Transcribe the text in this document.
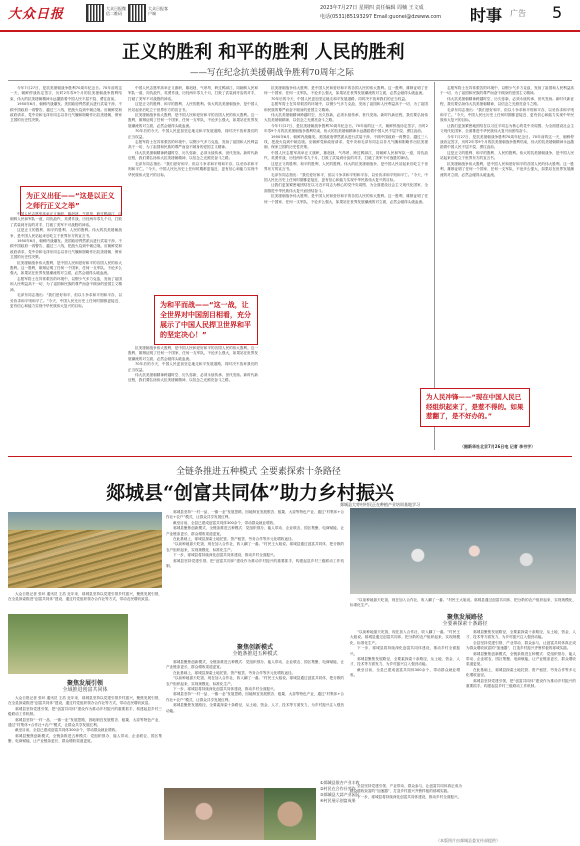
大众日报	大众日报微信二维码
大众日报客户端
2023年7月27日 星期四 责任编辑 周楠 王文成
电话(0531)85193297 Email:guonei@dzwww.com 时事 广告 5
正义的胜利 和平的胜利 人民的胜利
——写在纪念抗美援朝战争胜利70周年之际

今年7月27日，是抗美援朝战争胜利70周年纪念日。70年前的这一天，朝鲜停战协定签字，历时2年零9个月的抗美援朝战争胜利结束，伟大的抗美援朝精神永远激励着中国人民不屈不挠、勇往直前。

1950年6月，朝鲜内战爆发。美国政府悍然派兵进行武装干涉，不顾中国政府一再警告，越过三八线，把战火烧到中朝边境。应朝鲜党和政府请求，党中央和毛泽东同志以非凡气魄和胆略作出抗美援朝、保家卫国的历史性决策。

为正义出征——“这是以正义之师行正义之举”

中国人民志愿军高举正义旗帜，雄赳赳、气昂昂，跨过鸭绿江，同朝鲜人民和军队一道，同仇敌忾、英勇作战，历经两年零九个月，打败了武装到牙齿的对手，打破了美军不可战胜的神话。

这是正义的胜利、和平的胜利、人民的胜利。伟大的抗美援朝战争，是中国人民站起来后屹立于世界东方的宣言书。

1950年6月，朝鲜内战爆发。美国政府悍然派兵进行武装干涉，不顾中国政府一再警告，越过三八线，把战火烧到中朝边境。应朝鲜党和政府请求，党中央和毛泽东同志以非凡气魄和胆略作出抗美援朝、保家卫国的历史性决策。

抗美援朝战争伟大胜利，是中国人民和爱好和平的各国人民的伟大胜利。这一胜利，雄辩证明了任何一个国家、任何一支军队，不论多么强大，如果站在世界发展潮流的对立面，必然会碰得头破血流。

志愿军将士在异常艰苦的环境中，以钢少气多力克敌，发扬了祖国和人民利益高于一切、为了祖国和民族的尊严而奋不顾身的爱国主义精神。

毛泽东同志指出：“我们爱好和平，但以斗争求和平则和平存，以妥协求和平则和平亡。”今天，中国人民比历史上任何时期都更接近、更有信心和能力实现中华民族伟大复兴的目标。

中国人民志愿军高举正义旗帜，雄赳赳、气昂昂，跨过鸭绿江，同朝鲜人民和军队一道，同仇敌忾、英勇作战，历经两年零九个月，打败了武装到牙齿的对手，打破了美军不可战胜的神话。

这是正义的胜利、和平的胜利、人民的胜利。伟大的抗美援朝战争，是中国人民站起来后屹立于世界东方的宣言书。

抗美援朝战争伟大胜利，是中国人民和爱好和平的各国人民的伟大胜利。这一胜利，雄辩证明了任何一个国家、任何一支军队，不论多么强大，如果站在世界发展潮流的对立面，必然会碰得头破血流。

70年后的今天，中国人民更加坚定地走和平发展道路，同时决不放弃我们的正当权益。

志愿军将士在异常艰苦的环境中，以钢少气多力克敌，发扬了祖国和人民利益高于一切、为了祖国和民族的尊严而奋不顾身的爱国主义精神。

伟大抗美援朝精神跨越时空、历久弥新，必须永续传承、世代发扬。新时代新征程，我们要弘扬伟大抗美援朝精神，以信念之光照亮奋斗之路。

毛泽东同志指出：“我们爱好和平，但以斗争求和平则和平存，以妥协求和平则和平亡。”今天，中国人民比历史上任何时期都更接近、更有信心和能力实现中华民族伟大复兴的目标。

为和平而战——“这一战，让全世界对中国刮目相看，充分展示了中国人民捍卫世界和平的坚定决心！”

抗美援朝战争伟大胜利，是中国人民和爱好和平的各国人民的伟大胜利。这一胜利，雄辩证明了任何一个国家、任何一支军队，不论多么强大，如果站在世界发展潮流的对立面，必然会碰得头破血流。

70年后的今天，中国人民更加坚定地走和平发展道路，同时决不放弃我们的正当权益。

伟大抗美援朝精神跨越时空、历久弥新，必须永续传承、世代发扬。新时代新征程，我们要弘扬伟大抗美援朝精神，以信念之光照亮奋斗之路。

抗美援朝战争伟大胜利，是中国人民和爱好和平的各国人民的伟大胜利。这一胜利，雄辩证明了任何一个国家、任何一支军队，不论多么强大，如果站在世界发展潮流的对立面，必然会碰得头破血流。

70年后的今天，中国人民更加坚定地走和平发展道路，同时决不放弃我们的正当权益。

志愿军将士在异常艰苦的环境中，以钢少气多力克敌，发扬了祖国和人民利益高于一切、为了祖国和民族的尊严而奋不顾身的爱国主义精神。

伟大抗美援朝精神跨越时空、历久弥新，必须永续传承、世代发扬。新时代新征程，我们要弘扬伟大抗美援朝精神，以信念之光照亮奋斗之路。

今年7月27日，是抗美援朝战争胜利70周年纪念日。70年前的这一天，朝鲜停战协定签字，历时2年零9个月的抗美援朝战争胜利结束，伟大的抗美援朝精神永远激励着中国人民不屈不挠、勇往直前。

1950年6月，朝鲜内战爆发。美国政府悍然派兵进行武装干涉，不顾中国政府一再警告，越过三八线，把战火烧到中朝边境。应朝鲜党和政府请求，党中央和毛泽东同志以非凡气魄和胆略作出抗美援朝、保家卫国的历史性决策。

中国人民志愿军高举正义旗帜，雄赳赳、气昂昂，跨过鸭绿江，同朝鲜人民和军队一道，同仇敌忾、英勇作战，历经两年零九个月，打败了武装到牙齿的对手，打破了美军不可战胜的神话。

这是正义的胜利、和平的胜利、人民的胜利。伟大的抗美援朝战争，是中国人民站起来后屹立于世界东方的宣言书。

毛泽东同志指出：“我们爱好和平，但以斗争求和平则和平存，以妥协求和平则和平亡。”今天，中国人民比历史上任何时期都更接近、更有信心和能力实现中华民族伟大复兴的目标。

让我们更加紧密地团结在以习近平同志为核心的党中央周围，为全面建设社会主义现代化国家、全面推进中华民族伟大复兴而团结奋斗。

抗美援朝战争伟大胜利，是中国人民和爱好和平的各国人民的伟大胜利。这一胜利，雄辩证明了任何一个国家、任何一支军队，不论多么强大，如果站在世界发展潮流的对立面，必然会碰得头破血流。

志愿军将士在异常艰苦的环境中，以钢少气多力克敌，发扬了祖国和人民利益高于一切、为了祖国和民族的尊严而奋不顾身的爱国主义精神。

伟大抗美援朝精神跨越时空、历久弥新，必须永续传承、世代发扬。新时代新征程，我们要弘扬伟大抗美援朝精神，以信念之光照亮奋斗之路。

毛泽东同志指出：“我们爱好和平，但以斗争求和平则和平存，以妥协求和平则和平亡。”今天，中国人民比历史上任何时期都更接近、更有信心和能力实现中华民族伟大复兴的目标。

让我们更加紧密地团结在以习近平同志为核心的党中央周围，为全面建设社会主义现代化国家、全面推进中华民族伟大复兴而团结奋斗。

今年7月27日，是抗美援朝战争胜利70周年纪念日。70年前的这一天，朝鲜停战协定签字，历时2年零9个月的抗美援朝战争胜利结束，伟大的抗美援朝精神永远激励着中国人民不屈不挠、勇往直前。

这是正义的胜利、和平的胜利、人民的胜利。伟大的抗美援朝战争，是中国人民站起来后屹立于世界东方的宣言书。

抗美援朝战争伟大胜利，是中国人民和爱好和平的各国人民的伟大胜利。这一胜利，雄辩证明了任何一个国家、任何一支军队，不论多么强大，如果站在世界发展潮流的对立面，必然会碰得头破血流。

为人民冲锋——“现在中国人民已经组织起来了，是惹不得的。如果惹翻了，是不好办的。”
（据新华社北京7月26日电 记者 李书字）
全链条推进五种模式 全要素探索十条路径
郯城县“创富共同体”助力乡村振兴
郯城县大枣村村民正在种植产业培训基地学习

大众日报记者 张环 通讯员 王浩 近年来，郯城县坚持以党建引领乡村振兴，聚焦发展引领，在全县探索推进“创富共同体”建设，通过村党组织领办合作社等方式，带动农民增收致富。

聚焦发展引领
全域推进创富共同体

大众日报记者 张环 通讯员 王浩 近年来，郯城县坚持以党建引领乡村振兴，聚焦发展引领，在全县探索推进“创富共同体”建设，通过村党组织领办合作社等方式，带动农民增收致富。

郯城县坚持党建引领，把“创富共同体”建设作为推动乡村振兴的重要抓手，构建起县乡村三级联动工作机制。

郯城县坚持“一村一品、一镇一业”发展思路，因地制宜发展银杏、板栗、大蒜等特色产业，通过“村集体+合作社+农户”模式，让群众共享发展红利。

截至目前，全县已建成创富共同体300余个，带动群众就业增收。

郯城县聚焦创新模式，全链条推进五种模式：党组织领办、能人带动、企业联农、园区集聚、电商赋能，让产业链条更长、群众增收渠道更宽。

郯城县坚持“一村一品、一镇一业”发展思路，因地制宜发展银杏、板栗、大蒜等特色产业，通过“村集体+合作社+农户”模式，让群众共享发展红利。

截至目前，全县已建成创富共同体300余个，带动群众就业增收。

郯城县聚焦创新模式，全链条推进五种模式：党组织领办、能人带动、企业联农、园区集聚、电商赋能，让产业链条更长、群众增收渠道更宽。

在此基础上，郯城县探索土地托管、资产租赁、劳务合作等多元化增收途径。

“以前种地靠天吃饭，现在加入合作社，收入翻了一番。”村民王大姐说。郯城县通过创富共同体，把分散的农户组织起来，实现规模化、标准化生产。

下一步，郯城县将持续深化创富共同体建设，推动乡村全面振兴。

郯城县坚持党建引领，把“创富共同体”建设作为推动乡村振兴的重要抓手，构建起县乡村三级联动工作机制。

聚焦创新模式
全链条推进五种模式

郯城县聚焦创新模式，全链条推进五种模式：党组织领办、能人带动、企业联农、园区集聚、电商赋能，让产业链条更长、群众增收渠道更宽。

在此基础上，郯城县探索土地托管、资产租赁、劳务合作等多元化增收途径。

“以前种地靠天吃饭，现在加入合作社，收入翻了一番。”村民王大姐说。郯城县通过创富共同体，把分散的农户组织起来，实现规模化、标准化生产。

下一步，郯城县将持续深化创富共同体建设，推动乡村全面振兴。

郯城县坚持“一村一品、一镇一业”发展思路，因地制宜发展银杏、板栗、大蒜等特色产业，通过“村集体+合作社+农户”模式，让群众共享发展红利。

郯城县聚焦发展路径，全要素探索十条路径，从土地、资金、人才、技术等方面发力，为乡村振兴注入强劲动能。

①郯城县银杏产业丰收
②村民在合作社劳作
③郯城县大蒜产业园区
④村民展示创富成果

“以前种地靠天吃饭，现在加入合作社，收入翻了一番。”村民王大姐说。郯城县通过创富共同体，把分散的农户组织起来，实现规模化、标准化生产。

聚焦发展路径
全要素探索十条路径

“以前种地靠天吃饭，现在加入合作社，收入翻了一番。”村民王大姐说。郯城县通过创富共同体，把分散的农户组织起来，实现规模化、标准化生产。

下一步，郯城县将持续深化创富共同体建设，推动乡村全面振兴。

郯城县聚焦发展路径，全要素探索十条路径，从土地、资金、人才、技术等方面发力，为乡村振兴注入强劲动能。

截至目前，全县已建成创富共同体300余个，带动群众就业增收。

郯城县聚焦发展路径，全要素探索十条路径，从土地、资金、人才、技术等方面发力，为乡村振兴注入强劲动能。

全县坚持党建引领、产业带动、群众参与，让创富共同体真正成为群众增收致富的“加速器”，打造乡村振兴齐鲁样板的郯城实践。

郯城县聚焦创新模式，全链条推进五种模式：党组织领办、能人带动、企业联农、园区集聚、电商赋能，让产业链条更长、群众增收渠道更宽。

在此基础上，郯城县探索土地托管、资产租赁、劳务合作等多元化增收途径。

郯城县坚持党建引领，把“创富共同体”建设作为推动乡村振兴的重要抓手，构建起县乡村三级联动工作机制。

全县坚持党建引领、产业带动、群众参与，让创富共同体真正成为群众增收致富的“加速器”，打造乡村振兴齐鲁样板的郯城实践。

下一步，郯城县将持续深化创富共同体建设，推动乡村全面振兴。

（本版图片由郯城县委宣传部提供）
